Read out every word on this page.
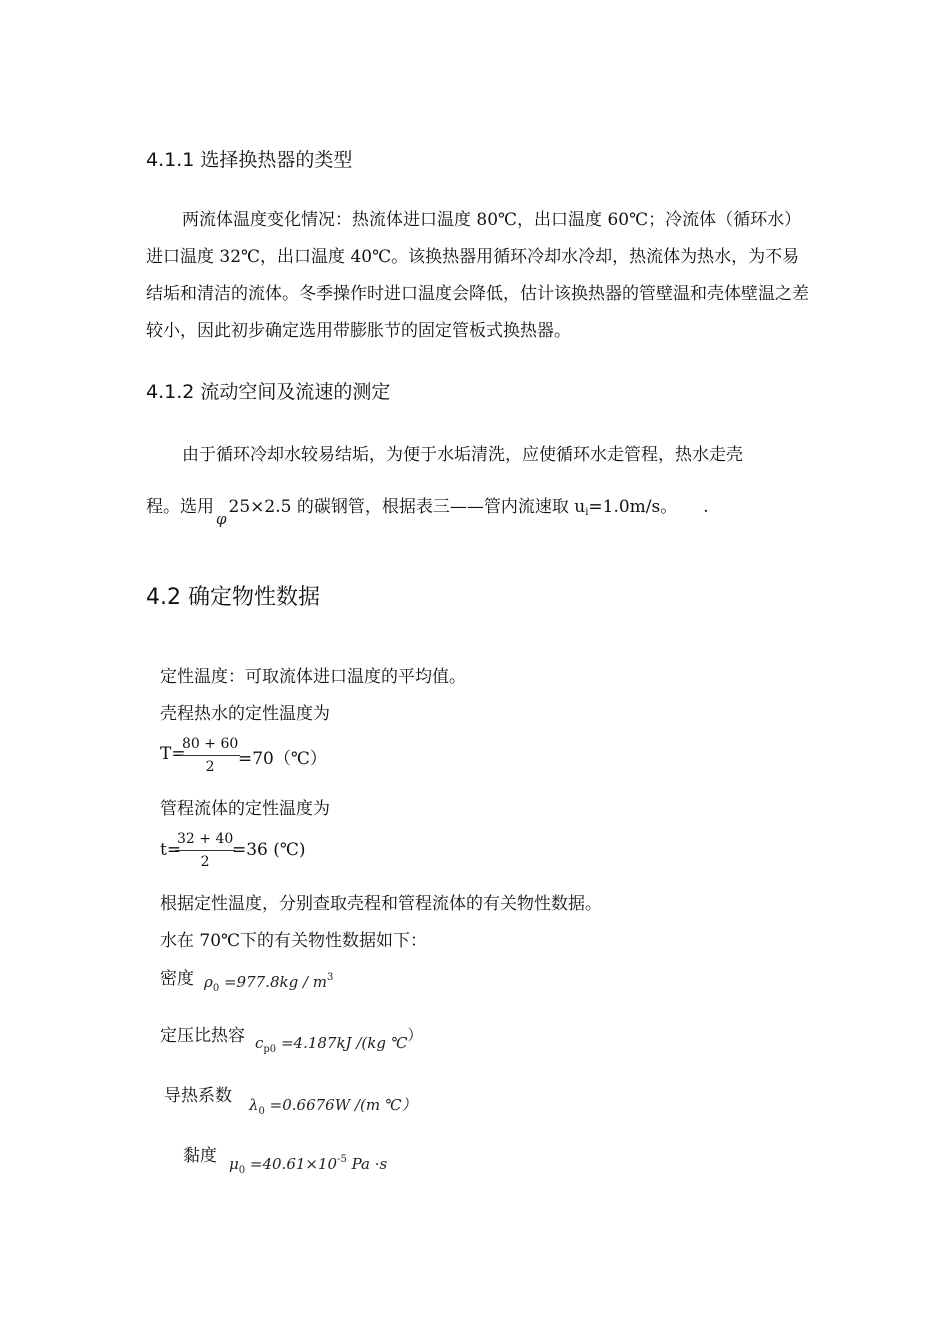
4.1.1 选择换热器的类型
两流体温度变化情况：热流体进口温度 80℃，出口温度 60℃；冷流体（循环水）进口温度 32℃，出口温度 40℃。该换热器用循环冷却水冷却，热流体为热水，为不易结垢和清洁的流体。冬季操作时进口温度会降低，估计该换热器的管壁温和壳体壁温之差较小，因此初步确定选用带膨胀节的固定管板式换热器。
4.1.2 流动空间及流速的测定
由于循环冷却水较易结垢，为便于水垢清洗，应使循环水走管程，热水走壳
程。选用φ25×2.5 的碳钢管，根据表三——管内流速取 ui=1.0m/s。 .
4.2 确定物性数据
定性温度：可取流体进口温度的平均值。
壳程热水的定性温度为
T=
$\frac{80 + 60}{2}$
=70（℃）
管程流体的定性温度为
t=
$\frac{32 + 40}{2}$
=36 (℃)
根据定性温度，分别查取壳程和管程流体的有关物性数据。
水在 70℃下的有关物性数据如下：
密度 $\rho_0 =977.8kg / m^3$
定压比热容 $c_{p0} =4.187kJ$ /(kg ℃）
导热系数 $\lambda_0 =0.6676W$ /(m ℃）
黏度 $\mu_0 =40.61\times 10^{-5}$ Pa ·s
